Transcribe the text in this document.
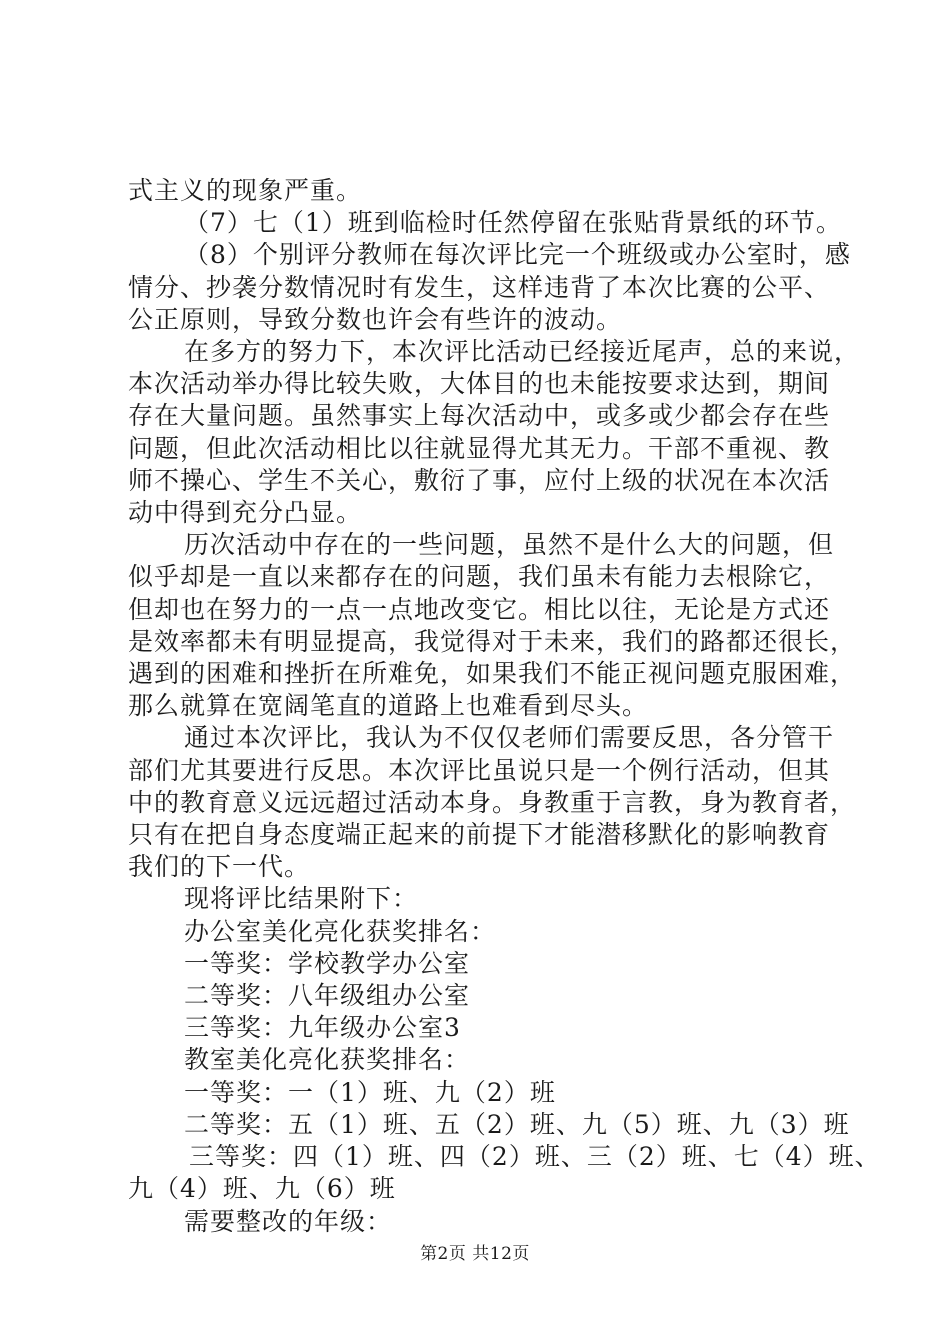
式主义的现象严重。
（7）七（1）班到临检时任然停留在张贴背景纸的环节。
（8）个别评分教师在每次评比完一个班级或办公室时，感
情分、抄袭分数情况时有发生，这样违背了本次比赛的公平、
公正原则，导致分数也许会有些许的波动。
在多方的努力下，本次评比活动已经接近尾声，总的来说，
本次活动举办得比较失败，大体目的也未能按要求达到，期间
存在大量问题。虽然事实上每次活动中，或多或少都会存在些
问题，但此次活动相比以往就显得尤其无力。干部不重视、教
师不操心、学生不关心，敷衍了事，应付上级的状况在本次活
动中得到充分凸显。
历次活动中存在的一些问题，虽然不是什么大的问题，但
似乎却是一直以来都存在的问题，我们虽未有能力去根除它，
但却也在努力的一点一点地改变它。相比以往，无论是方式还
是效率都未有明显提高，我觉得对于未来，我们的路都还很长，
遇到的困难和挫折在所难免，如果我们不能正视问题克服困难，
那么就算在宽阔笔直的道路上也难看到尽头。
通过本次评比，我认为不仅仅老师们需要反思，各分管干
部们尤其要进行反思。本次评比虽说只是一个例行活动，但其
中的教育意义远远超过活动本身。身教重于言教，身为教育者，
只有在把自身态度端正起来的前提下才能潜移默化的影响教育
我们的下一代。
现将评比结果附下：
办公室美化亮化获奖排名：
一等奖：学校教学办公室
二等奖：八年级组办公室
三等奖：九年级办公室3
教室美化亮化获奖排名：
一等奖：一（1）班、九（2）班
二等奖：五（1）班、五（2）班、九（5）班、九（3）班
三等奖：四（1）班、四（2）班、三（2）班、七（4）班、
九（4）班、九（6）班
需要整改的年级：
第2页 共12页
